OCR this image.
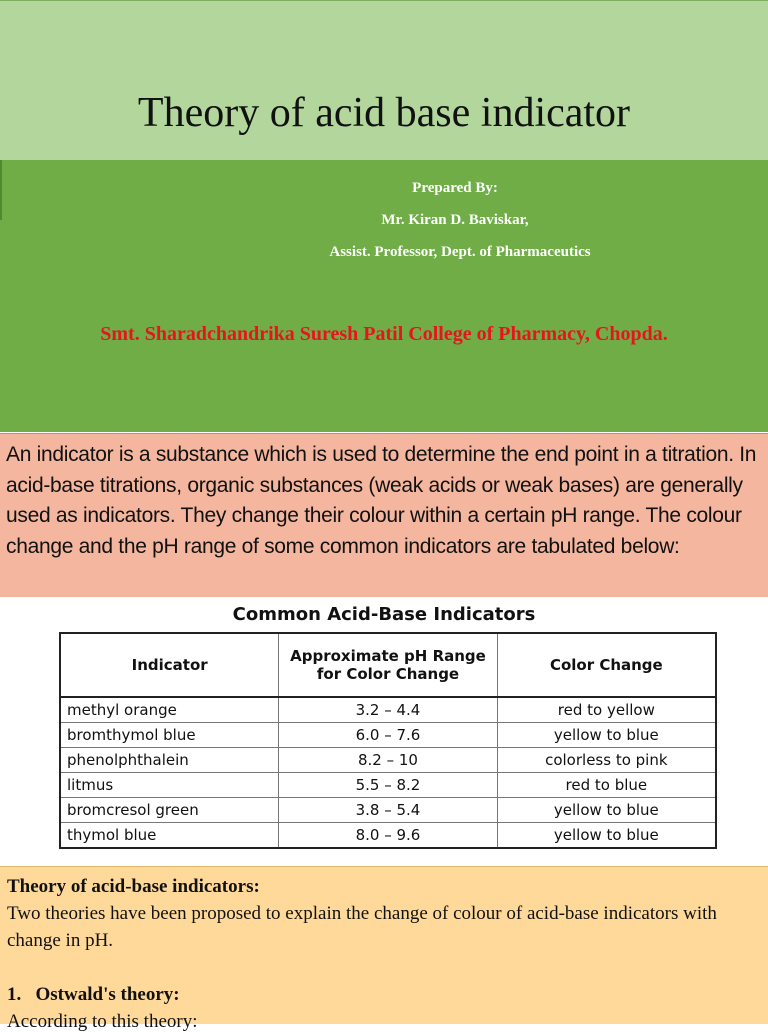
Theory of acid base indicator
Prepared By:
Mr. Kiran D. Baviskar,
Assist. Professor, Dept. of Pharmaceutics
Smt. Sharadchandrika Suresh Patil College of Pharmacy, Chopda.

An indicator is a substance which is used to determine the end point in a titration. In acid-base titrations, organic substances (weak acids or weak bases) are generally used as indicators. They change their colour within a certain pH range. The colour change and the pH range of some common indicators are tabulated below:

Common Acid-Base Indicators
Indicator	Approximate pH Range for Color Change	Color Change
methyl orange	3.2 – 4.4	red to yellow
bromthymol blue	6.0 – 7.6	yellow to blue
phenolphthalein	8.2 – 10	colorless to pink
litmus	5.5 – 8.2	red to blue
bromcresol green	3.8 – 5.4	yellow to blue
thymol blue	8.0 – 9.6	yellow to blue
Theory of acid-base indicators:
Two theories have been proposed to explain the change of colour of acid-base indicators with change in pH.
1. Ostwald's theory:
According to this theory:
